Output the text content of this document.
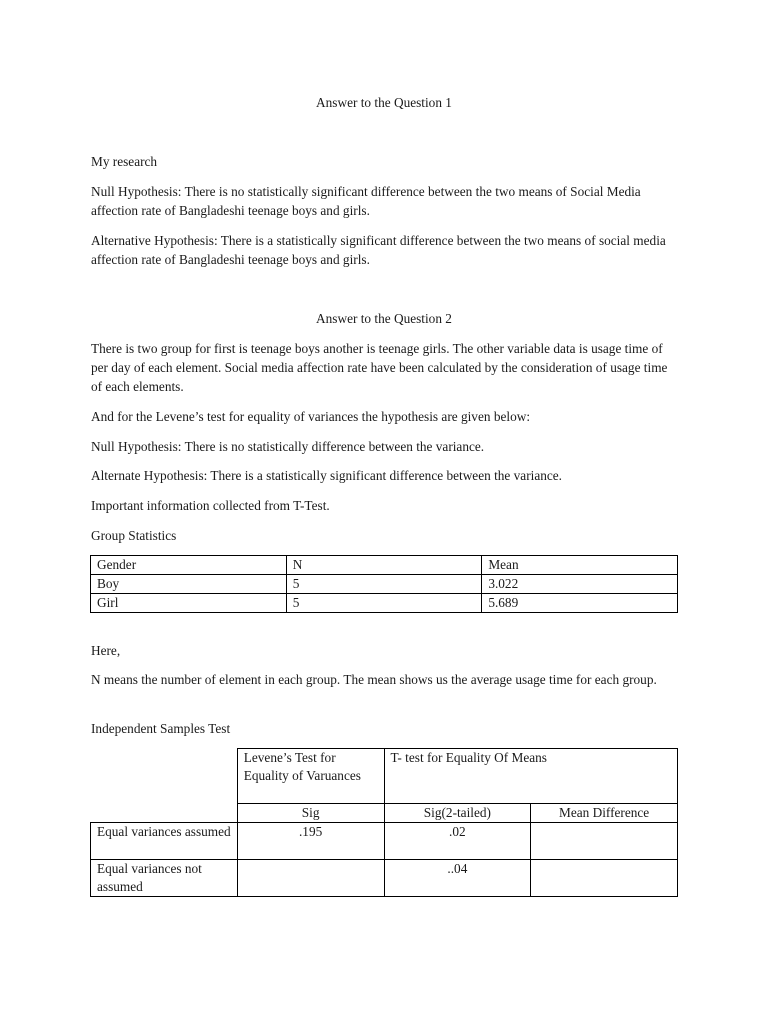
Answer to the Question 1

My research

Null Hypothesis: There is no statistically significant difference between the two means of Social Media affection rate of Bangladeshi teenage boys and girls.

Alternative Hypothesis: There is a statistically significant difference between the two means of social media affection rate of Bangladeshi teenage boys and girls.

Answer to the Question 2

There is two group for first is teenage boys another is teenage girls. The other variable data is usage time of per day of each element. Social media affection rate have been calculated by the consideration of usage time of each elements.

And for the Levene’s test for equality of variances the hypothesis are given below:

Null Hypothesis: There is no statistically difference between the variance.

Alternate Hypothesis: There is a statistically significant difference between the variance.

Important information collected from T-Test.

Group Statistics

Gender	N	Mean
Boy	5	3.022
Girl	5	5.689

Here,

N means the number of element in each group. The mean shows us the average usage time for each group.

Independent Samples Test

	Levene’s Test for Equality of Varuances	T- test for Equality Of Means	
	Sig	Sig(2-tailed)	Mean Difference
Equal variances assumed	.195	.02	
Equal variances not assumed		..04	
